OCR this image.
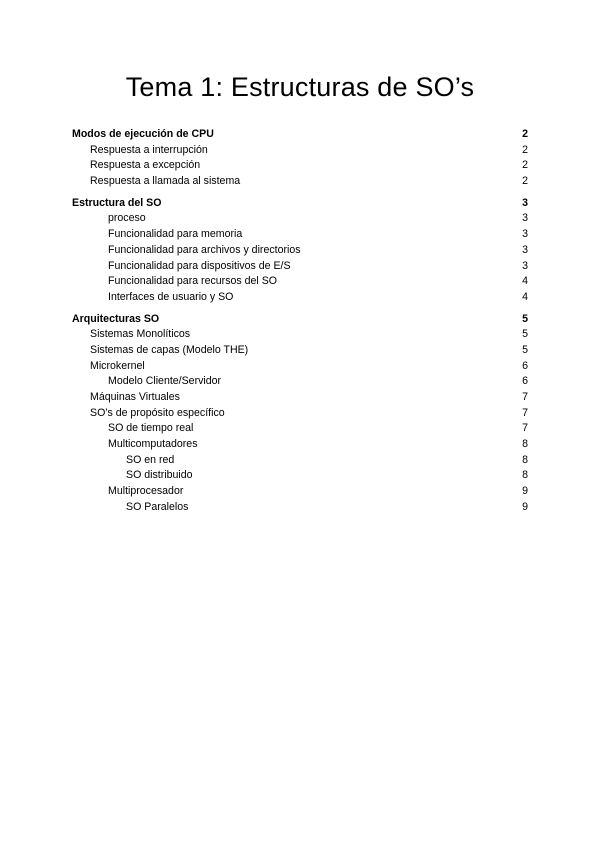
Tema 1: Estructuras de SO’s
Modos de ejecución de CPU	2
Respuesta a interrupción	2
Respuesta a excepción	2
Respuesta a llamada al sistema	2
Estructura del SO	3
proceso	3
Funcionalidad para memoria	3
Funcionalidad para archivos y directorios	3
Funcionalidad para dispositivos de E/S	3
Funcionalidad para recursos del SO	4
Interfaces de usuario y SO	4
Arquitecturas SO	5
Sistemas Monolíticos	5
Sistemas de capas (Modelo THE)	5
Microkernel	6
Modelo Cliente/Servidor	6
Máquinas Virtuales	7
SO’s de propósito específico	7
SO de tiempo real	7
Multicomputadores	8
SO en red	8
SO distribuido	8
Multiprocesador	9
SO Paralelos	9
